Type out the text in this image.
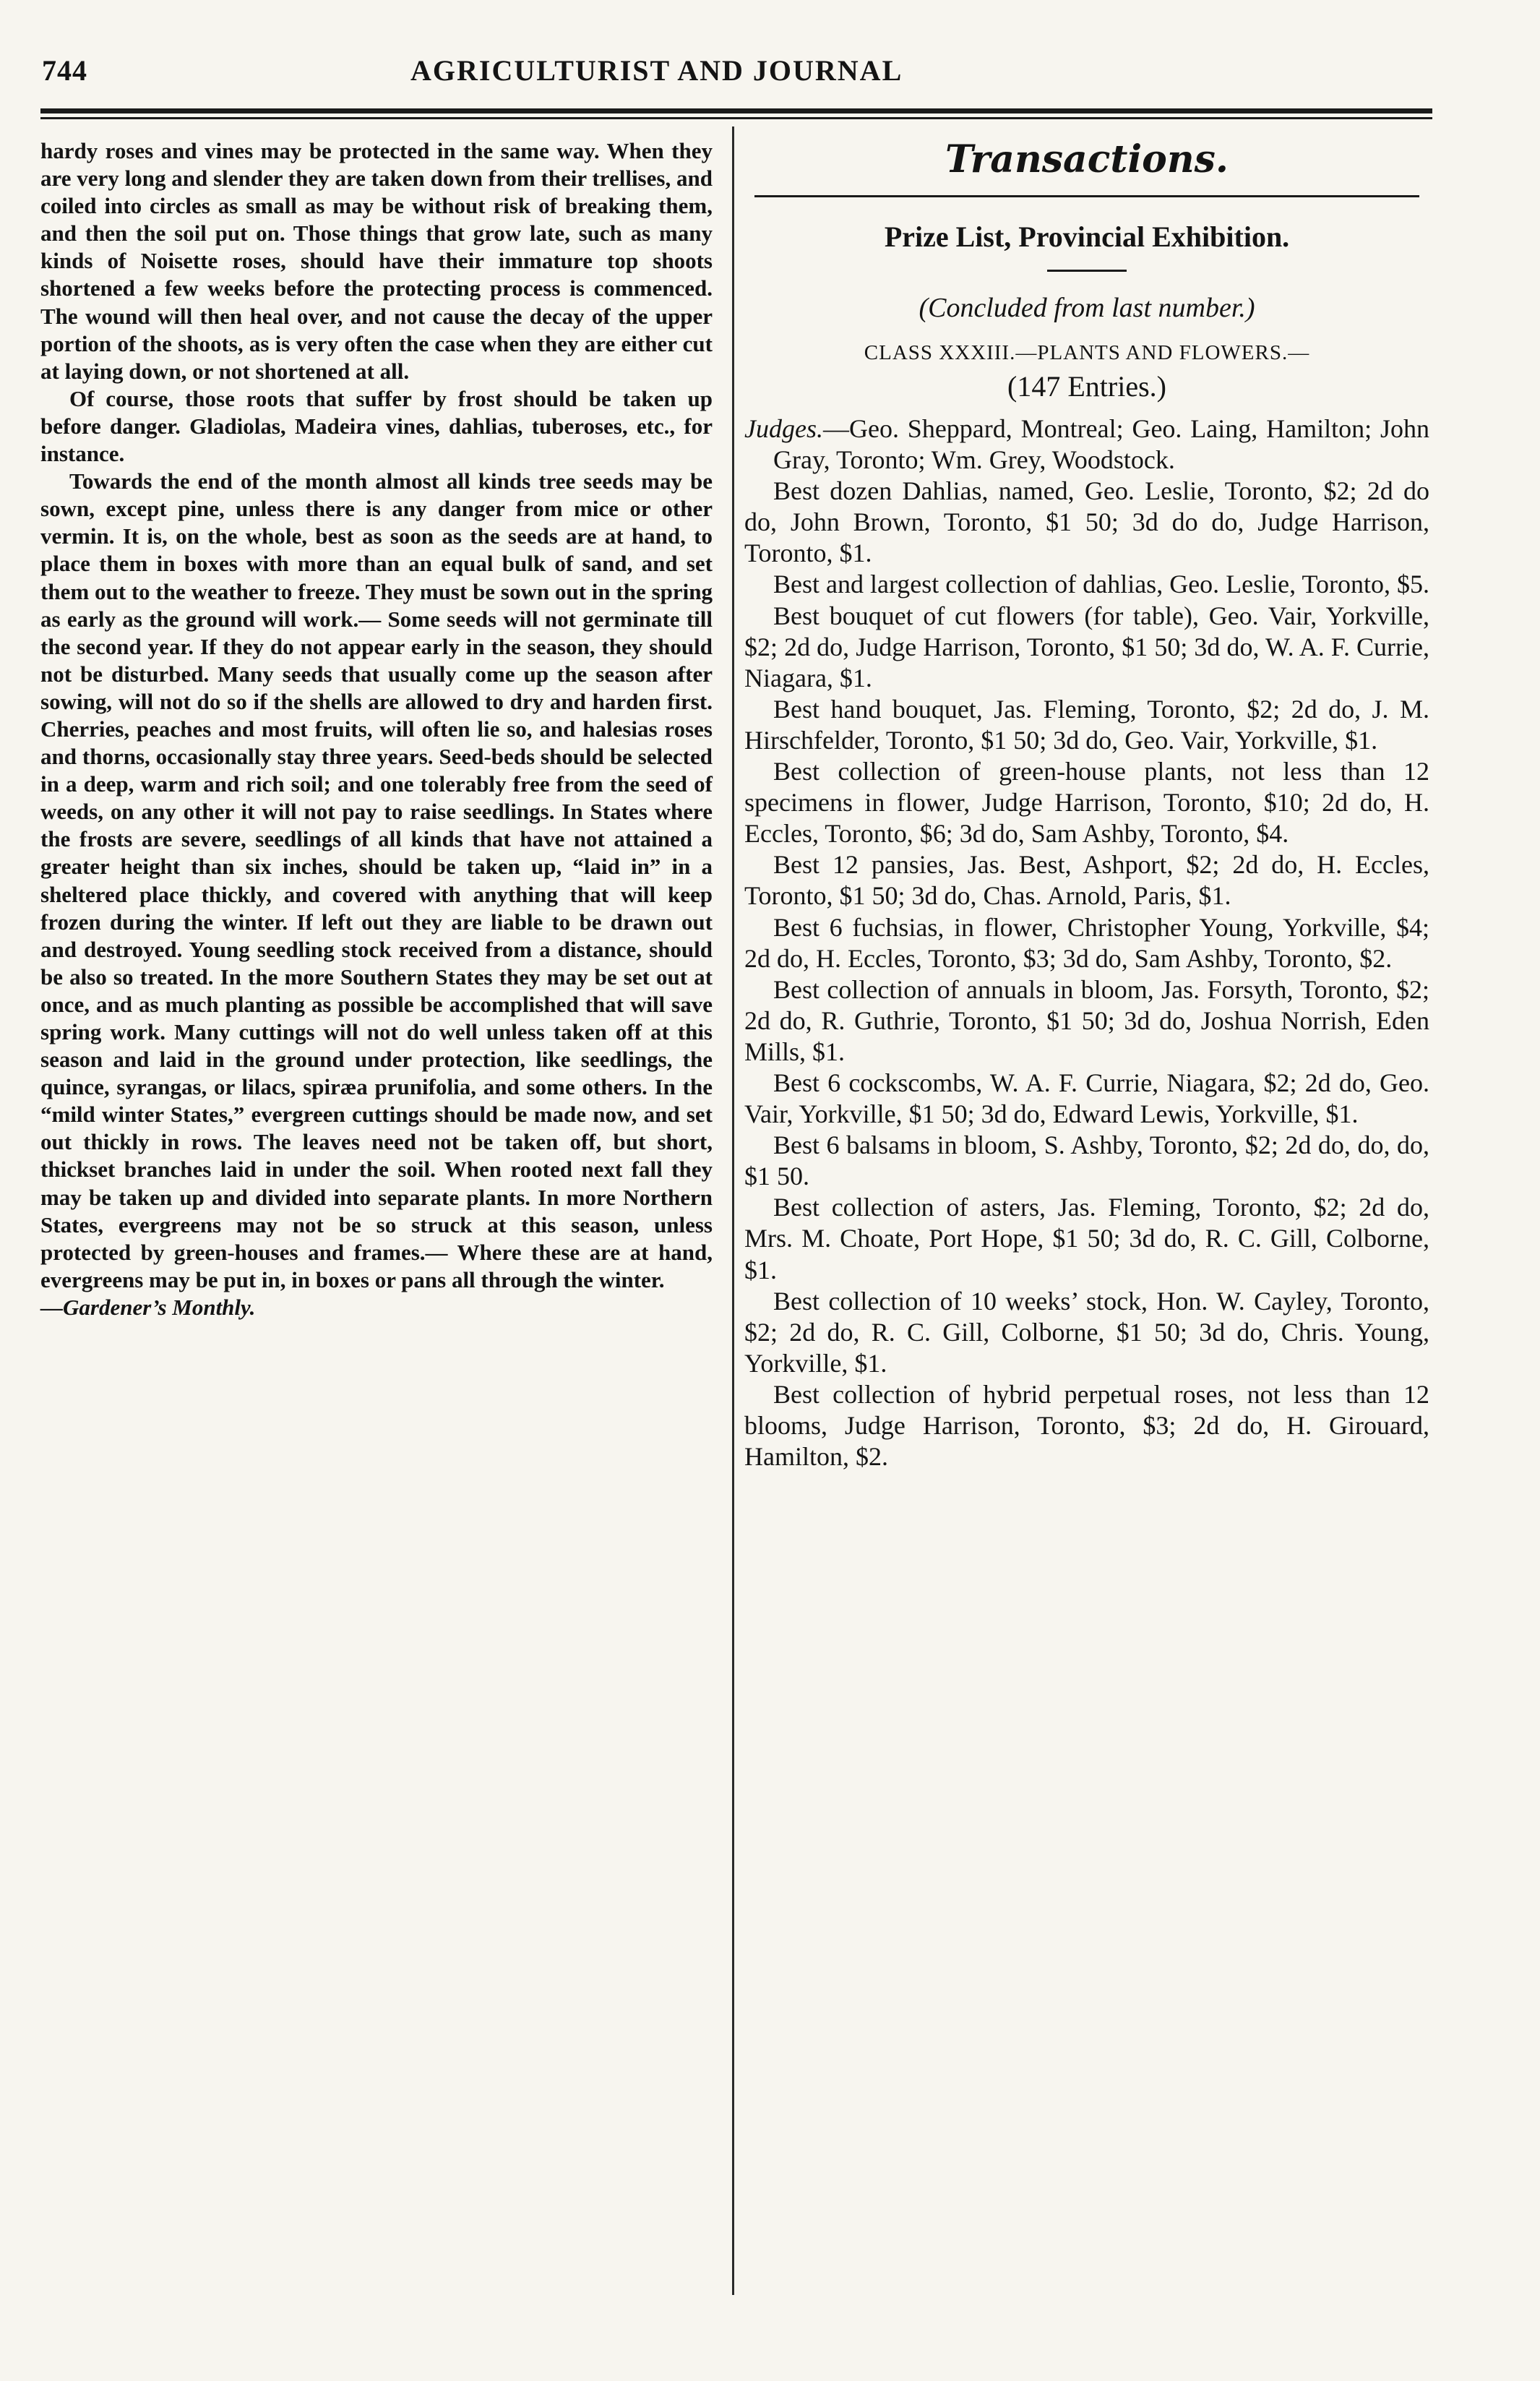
744	AGRICULTURIST AND JOURNAL

hardy roses and vines may be protected in the same way. When they are very long and slender they are taken down from their trellises, and coiled into circles as small as may be without risk of breaking them, and then the soil put on. Those things that grow late, such as many kinds of Noisette roses, should have their immature top shoots shortened a few weeks before the protecting process is commenced. The wound will then heal over, and not cause the decay of the upper portion of the shoots, as is very often the case when they are either cut at laying down, or not shortened at all.

Of course, those roots that suffer by frost should be taken up before danger. Gladiolas, Madeira vines, dahlias, tuberoses, etc., for instance.

Towards the end of the month almost all kinds tree seeds may be sown, except pine, unless there is any danger from mice or other vermin. It is, on the whole, best as soon as the seeds are at hand, to place them in boxes with more than an equal bulk of sand, and set them out to the weather to freeze. They must be sown out in the spring as early as the ground will work.— Some seeds will not germinate till the second year. If they do not appear early in the season, they should not be disturbed. Many seeds that usually come up the season after sowing, will not do so if the shells are allowed to dry and harden first. Cherries, peaches and most fruits, will often lie so, and halesias roses and thorns, occasionally stay three years. Seed-beds should be selected in a deep, warm and rich soil; and one tolerably free from the seed of weeds, on any other it will not pay to raise seedlings. In States where the frosts are severe, seedlings of all kinds that have not attained a greater height than six inches, should be taken up, “laid in” in a sheltered place thickly, and covered with anything that will keep frozen during the winter. If left out they are liable to be drawn out and destroyed. Young seedling stock received from a distance, should be also so treated. In the more Southern States they may be set out at once, and as much planting as possible be accomplished that will save spring work. Many cuttings will not do well unless taken off at this season and laid in the ground under protection, like seedlings, the quince, syrangas, or lilacs, spiræa prunifolia, and some others. In the “mild winter States,” evergreen cuttings should be made now, and set out thickly in rows. The leaves need not be taken off, but short, thickset branches laid in under the soil. When rooted next fall they may be taken up and divided into separate plants. In more Northern States, evergreens may not be so struck at this season, unless protected by green-houses and frames.— Where these are at hand, evergreens may be put in, in boxes or pans all through the winter.

—Gardener’s Monthly.

Transactions.

Prize List, Provincial Exhibition.

(Concluded from last number.)

CLASS XXXIII.—PLANTS AND FLOWERS.—

(147 Entries.)

Judges.—Geo. Sheppard, Montreal; Geo. Laing, Hamilton; John Gray, Toronto; Wm. Grey, Woodstock.

Best dozen Dahlias, named, Geo. Leslie, Toronto, $2; 2d do do, John Brown, Toronto, $1 50; 3d do do, Judge Harrison, Toronto, $1.

Best and largest collection of dahlias, Geo. Leslie, Toronto, $5.

Best bouquet of cut flowers (for table), Geo. Vair, Yorkville, $2; 2d do, Judge Harrison, Toronto, $1 50; 3d do, W. A. F. Currie, Niagara, $1.

Best hand bouquet, Jas. Fleming, Toronto, $2; 2d do, J. M. Hirschfelder, Toronto, $1 50; 3d do, Geo. Vair, Yorkville, $1.

Best collection of green-house plants, not less than 12 specimens in flower, Judge Harrison, Toronto, $10; 2d do, H. Eccles, Toronto, $6; 3d do, Sam Ashby, Toronto, $4.

Best 12 pansies, Jas. Best, Ashport, $2; 2d do, H. Eccles, Toronto, $1 50; 3d do, Chas. Arnold, Paris, $1.

Best 6 fuchsias, in flower, Christopher Young, Yorkville, $4; 2d do, H. Eccles, Toronto, $3; 3d do, Sam Ashby, Toronto, $2.

Best collection of annuals in bloom, Jas. Forsyth, Toronto, $2; 2d do, R. Guthrie, Toronto, $1 50; 3d do, Joshua Norrish, Eden Mills, $1.

Best 6 cockscombs, W. A. F. Currie, Niagara, $2; 2d do, Geo. Vair, Yorkville, $1 50; 3d do, Edward Lewis, Yorkville, $1.

Best 6 balsams in bloom, S. Ashby, Toronto, $2; 2d do, do, do, $1 50.

Best collection of asters, Jas. Fleming, Toronto, $2; 2d do, Mrs. M. Choate, Port Hope, $1 50; 3d do, R. C. Gill, Colborne, $1.

Best collection of 10 weeks’ stock, Hon. W. Cayley, Toronto, $2; 2d do, R. C. Gill, Colborne, $1 50; 3d do, Chris. Young, Yorkville, $1.

Best collection of hybrid perpetual roses, not less than 12 blooms, Judge Harrison, Toronto, $3; 2d do, H. Girouard, Hamilton, $2.
